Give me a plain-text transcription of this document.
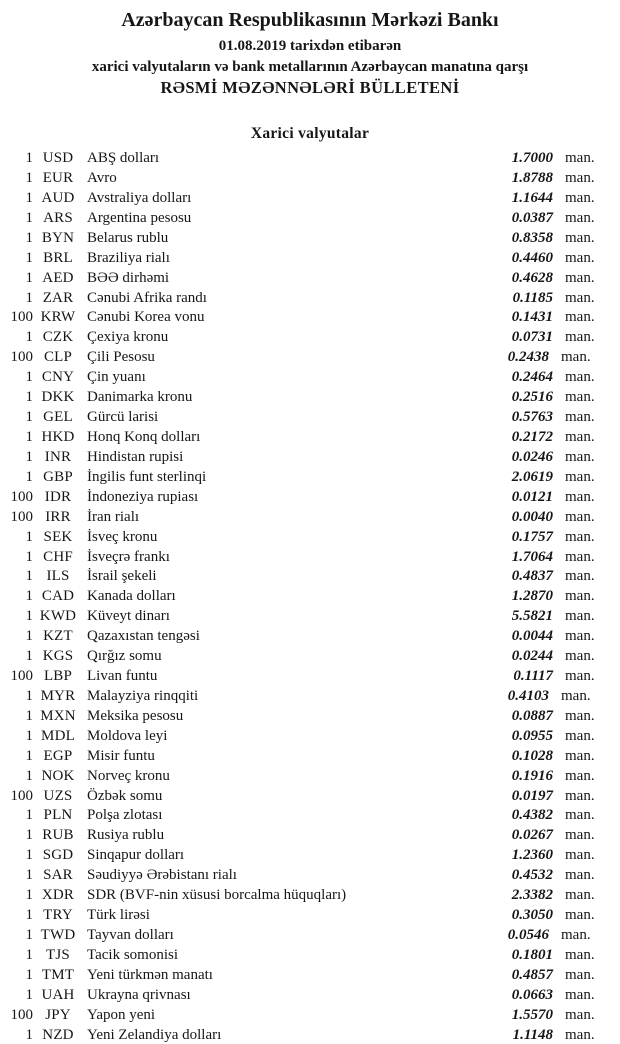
Azərbaycan Respublikasının Mərkəzi Bankı
01.08.2019 tarixdən etibarən
xarici valyutaların və bank metallarının Azərbaycan manatına qarşı
RƏSMİ MƏZƏNNƏLƏRİ BÜLLETENİ
Xarici valyutalar
1 USD ABŞ dolları	1.7000 man.
1 EUR Avro	1.8788 man.
1 AUD Avstraliya dolları	1.1644 man.
1 ARS Argentina pesosu	0.0387 man.
1 BYN Belarus rublu	0.8358 man.
1 BRL Braziliya rialı	0.4460 man.
1 AED BƏƏ dirhəmi	0.4628 man.
1 ZAR Cənubi Afrika randı	0.1185 man.
100 KRW Cənubi Korea vonu	0.1431 man.
1 CZK Çexiya kronu	0.0731 man.
100 CLP Çili Pesosu	0.2438 man.
1 CNY Çin yuanı	0.2464 man.
1 DKK Danimarka kronu	0.2516 man.
1 GEL Gürcü larisi	0.5763 man.
1 HKD Honq Konq dolları	0.2172 man.
1 INR	Hindistan rupisi	0.0246 man.
1 GBP İngilis funt sterlinqi	2.0619 man.
100 IDR	İndoneziya rupiası	0.0121 man.
100 IRR	İran rialı	0.0040 man.
1 SEK İsveç kronu	0.1757 man.
1 CHF İsveçrə frankı	1.7064 man.
1 ILS	İsrail şekeli	0.4837 man.
1 CAD Kanada dolları	1.2870 man.
1 KWD Küveyt dinarı	5.5821 man.
1 KZT Qazaxıstan tengəsi	0.0044 man.
1 KGS Qırğız somu	0.0244 man.
100 LBP Livan funtu	0.1117 man.
1 MYR Malayziya rinqqiti	0.4103 man.
1 MXN Meksika pesosu	0.0887 man.
1 MDL Moldova leyi	0.0955 man.
1 EGP Misir funtu	0.1028 man.
1 NOK Norveç kronu	0.1916 man.
100 UZS Özbək somu	0.0197 man.
1 PLN Polşa zlotası	0.4382 man.
1 RUB Rusiya rublu	0.0267 man.
1 SGD Sinqapur dolları	1.2360 man.
1 SAR Səudiyyə Ərəbistanı rialı	0.4532 man.
1 XDR SDR (BVF-nin xüsusi borcalma hüquqları)	2.3382 man.
1 TRY Türk lirəsi	0.3050 man.
1 TWD Tayvan dolları	0.0546 man.
1 TJS	Tacik somonisi	0.1801 man.
1 TMT Yeni türkmən manatı	0.4857 man.
1 UAH Ukrayna qrivnası	0.0663 man.
100 JPY	Yapon yeni	1.5570 man.
1 NZD Yeni Zelandiya dolları	1.1148 man.
